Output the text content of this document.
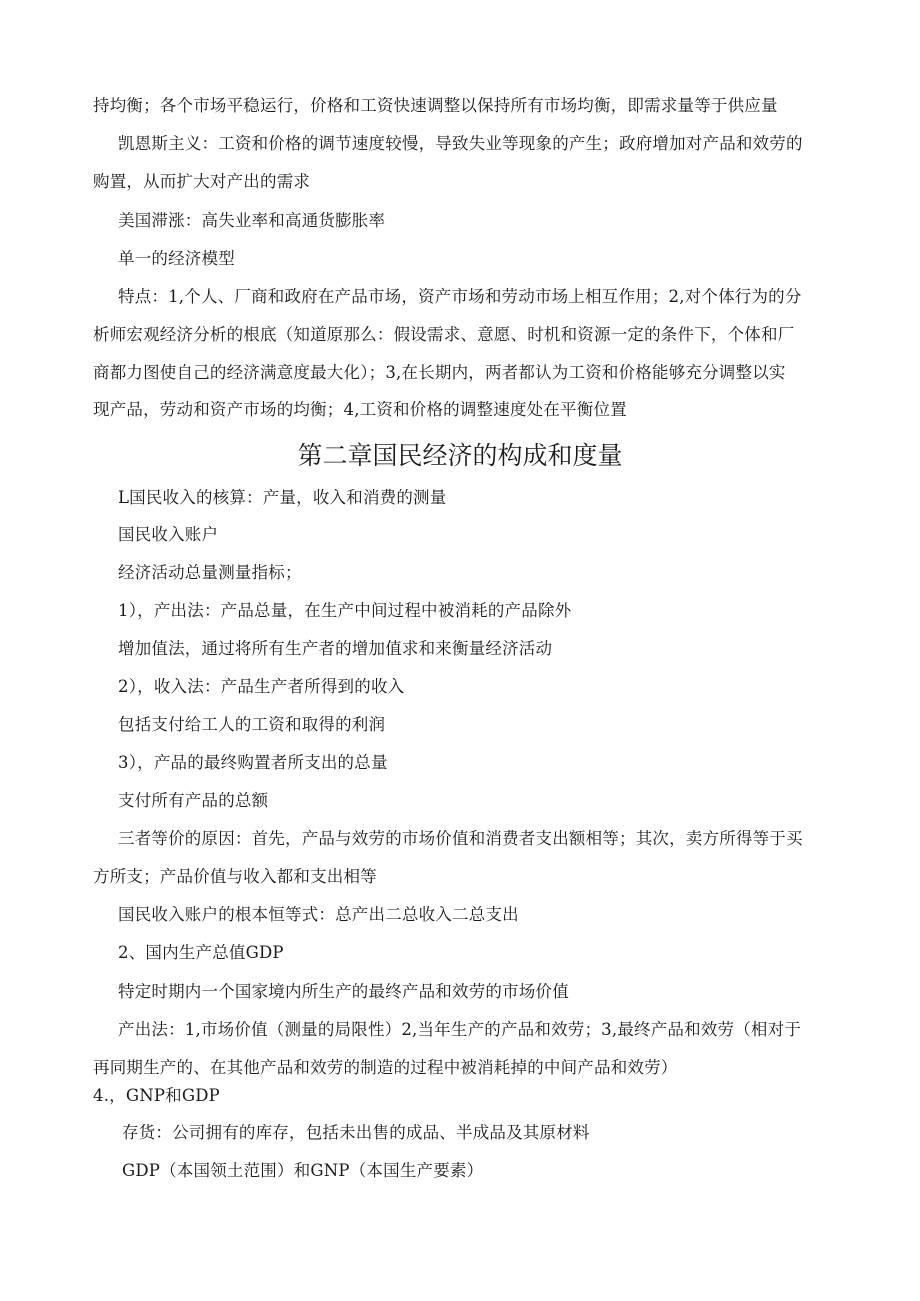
持均衡；各个市场平稳运行，价格和工资快速调整以保持所有市场均衡，即需求量等于供应量
凯恩斯主义：工资和价格的调节速度较慢，导致失业等现象的产生；政府增加对产品和效劳的
购置，从而扩大对产出的需求
美国滞涨：高失业率和高通货膨胀率
单一的经济模型
特点：1,个人、厂商和政府在产品市场，资产市场和劳动市场上相互作用；2,对个体行为的分
析师宏观经济分析的根底（知道原那么：假设需求、意愿、时机和资源一定的条件下，个体和厂
商都力图使自己的经济满意度最大化）；3,在长期内，两者都认为工资和价格能够充分调整以实
现产品，劳动和资产市场的均衡；4,工资和价格的调整速度处在平衡位置
第二章国民经济的构成和度量
L国民收入的核算：产量，收入和消费的测量
国民收入账户
经济活动总量测量指标；
1），产出法：产品总量，在生产中间过程中被消耗的产品除外
增加值法，通过将所有生产者的增加值求和来衡量经济活动
2），收入法：产品生产者所得到的收入
包括支付给工人的工资和取得的利润
3），产品的最终购置者所支出的总量
支付所有产品的总额
三者等价的原因：首先，产品与效劳的市场价值和消费者支出额相等；其次，卖方所得等于买
方所支；产品价值与收入都和支出相等
国民收入账户的根本恒等式：总产出二总收入二总支出
2、国内生产总值GDP
特定时期内一个国家境内所生产的最终产品和效劳的市场价值
产出法：1,市场价值（测量的局限性）2,当年生产的产品和效劳；3,最终产品和效劳（相对于
再同期生产的、在其他产品和效劳的制造的过程中被消耗掉的中间产品和效劳）
4.，GNP和GDP
存货：公司拥有的库存，包括未出售的成品、半成品及其原材料
GDP（本国领土范围）和GNP（本国生产要素）
